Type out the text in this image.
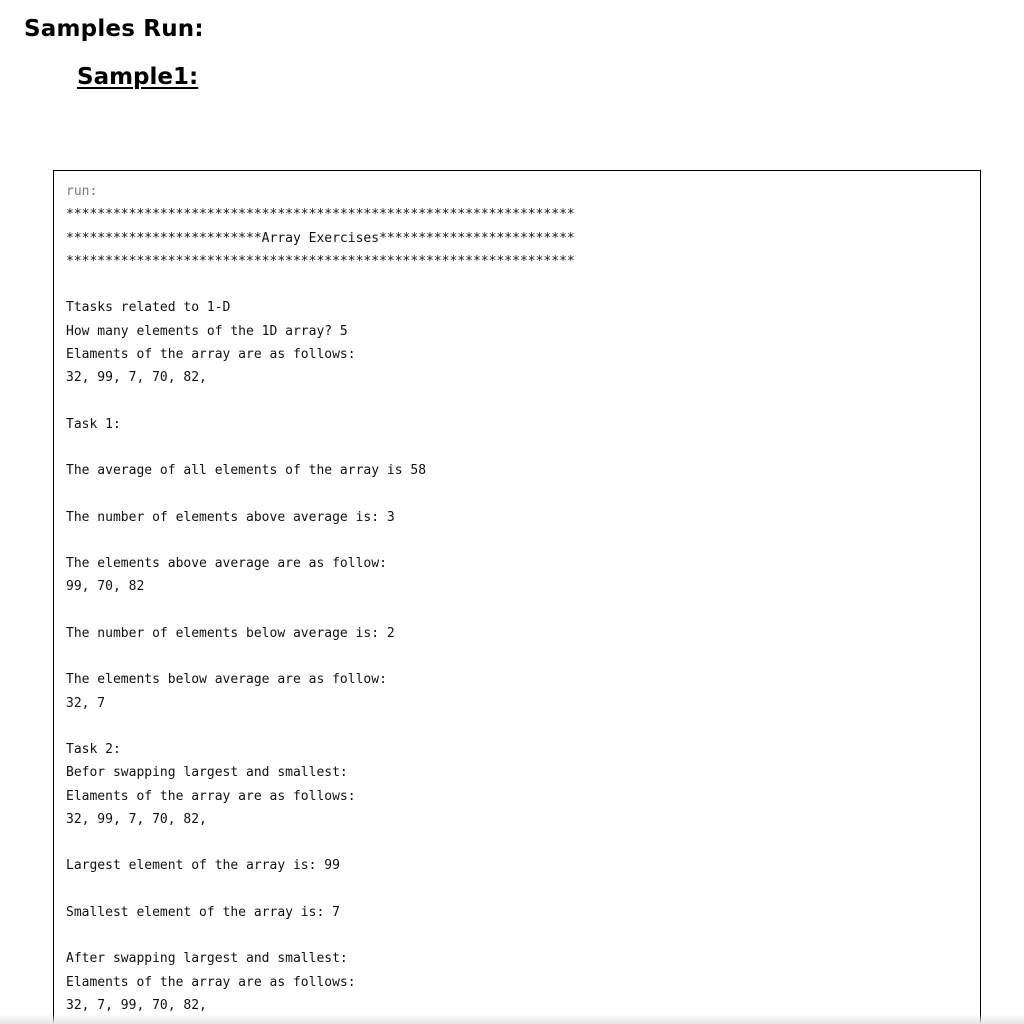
Samples Run:
Sample1:
run:
*****************************************************************
*************************Array Exercises*************************
*****************************************************************
Ttasks related to 1-D
How many elements of the 1D array? 5
Elaments of the array are as follows:
32, 99, 7, 70, 82,
Task 1:
The average of all elements of the array is 58
The number of elements above average is: 3
The elements above average are as follow:
99, 70, 82
The number of elements below average is: 2
The elements below average are as follow:
32, 7
Task 2:
Befor swapping largest and smallest:
Elaments of the array are as follows:
32, 99, 7, 70, 82,
Largest element of the array is: 99
Smallest element of the array is: 7
After swapping largest and smallest:
Elaments of the array are as follows:
32, 7, 99, 70, 82,
